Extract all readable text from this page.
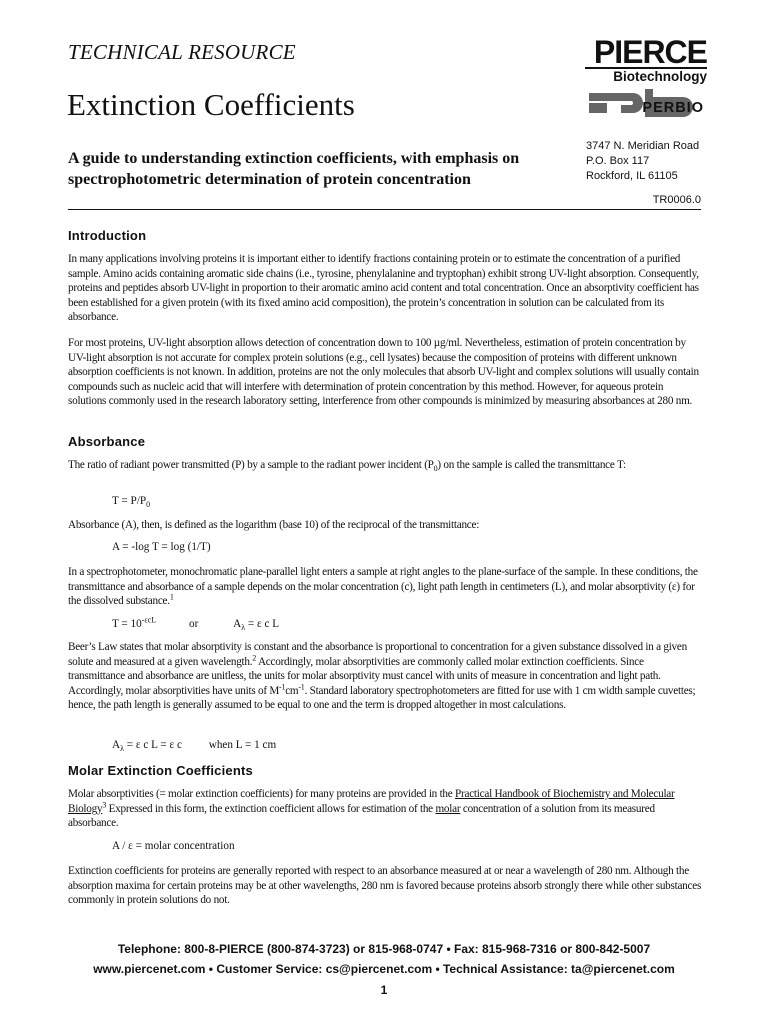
TECHNICAL RESOURCE
Extinction Coefficients
A guide to understanding extinction coefficients, with emphasis on spectrophotometric determination of protein concentration
PIERCE
Biotechnology
PERBIO
3747 N. Meridian Road
P.O. Box 117
Rockford, IL 61105
TR0006.0
Introduction
In many applications involving proteins it is important either to identify fractions containing protein or to estimate the concentration of a purified sample. Amino acids containing aromatic side chains (i.e., tyrosine, phenylalanine and tryptophan) exhibit strong UV-light absorption. Consequently, proteins and peptides absorb UV-light in proportion to their aromatic amino acid content and total concentration. Once an absorptivity coefficient has been established for a given protein (with its fixed amino acid composition), the protein’s concentration in solution can be calculated from its absorbance.
For most proteins, UV-light absorption allows detection of concentration down to 100 µg/ml. Nevertheless, estimation of protein concentration by UV-light absorption is not accurate for complex protein solutions (e.g., cell lysates) because the composition of proteins with different unknown absorption coefficients is not known. In addition, proteins are not the only molecules that absorb UV-light and complex solutions will usually contain compounds such as nucleic acid that will interfere with determination of protein concentration by this method. However, for aqueous protein solutions commonly used in the research laboratory setting, interference from other compounds is minimized by measuring absorbances at 280 nm.
Absorbance
The ratio of radiant power transmitted (P) by a sample to the radiant power incident $(P_0)$ on the sample is called the transmittance T:
$T = P/P_0$
Absorbance (A), then, is defined as the logarithm (base 10) of the reciprocal of the transmittance:
A = -log T = log (1/T)
In a spectrophotometer, monochromatic plane-parallel light enters a sample at right angles to the plane-surface of the sample. In these conditions, the transmittance and absorbance of a sample depends on the molar concentration (c), light path length in centimeters (L), and molar absorptivity (ε) for the dissolved substance.$^1$
$T = 10^{-\varepsilon cL}$	or	$A_\lambda = \varepsilon$ c L
Beer’s Law states that molar absorptivity is constant and the absorbance is proportional to concentration for a given substance dissolved in a given solute and measured at a given wavelength.$^2$ Accordingly, molar absorptivities are commonly called molar extinction coefficients. Since transmittance and absorbance are unitless, the units for molar absorptivity must cancel with units of measure in concentration and light path. Accordingly, molar absorptivities have units of $M^{-1}cm^{-1}$. Standard laboratory spectrophotometers are fitted for use with 1 cm width sample cuvettes; hence, the path length is generally assumed to be equal to one and the term is dropped altogether in most calculations.
$A_\lambda = \varepsilon$ c L = ε c when L = 1 cm
Molar Extinction Coefficients
Molar absorptivities (= molar extinction coefficients) for many proteins are provided in the Practical Handbook of Biochemistry and Molecular Biology$^3$ Expressed in this form, the extinction coefficient allows for estimation of the molar concentration of a solution from its measured absorbance.
A / ε = molar concentration
Extinction coefficients for proteins are generally reported with respect to an absorbance measured at or near a wavelength of 280 nm. Although the absorption maxima for certain proteins may be at other wavelengths, 280 nm is favored because proteins absorb strongly there while other substances commonly in protein solutions do not.
Telephone: 800-8-PIERCE (800-874-3723) or 815-968-0747 • Fax: 815-968-7316 or 800-842-5007
www.piercenet.com • Customer Service: cs@piercenet.com • Technical Assistance: ta@piercenet.com
1
